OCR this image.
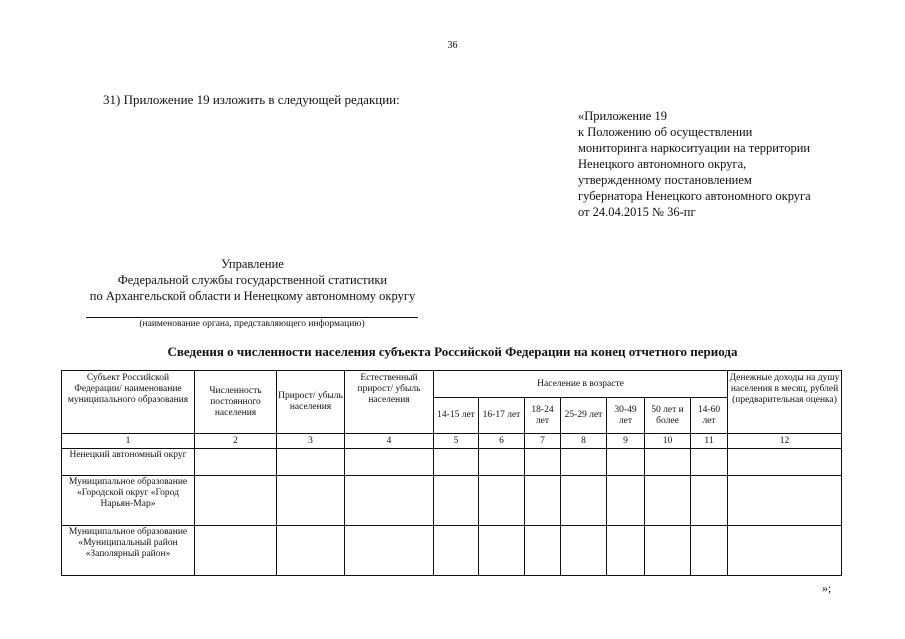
36
31) Приложение 19 изложить в следующей редакции:
«Приложение 19
к Положению об осуществлении
мониторинга наркоситуации на территории
Ненецкого автономного округа,
утвержденному постановлением
губернатора Ненецкого автономного округа
от 24.04.2015 № 36-пг
Управление
Федеральной службы государственной статистики
по Архангельской области и Ненецкому автономному округу
(наименование органа, представляющего информацию)
Сведения о численности населения субъекта Российской Федерации на конец отчетного периода
Субъект Российской Федерации/ наименование муниципального образования	Численность постоянного населения	Прирост/ убыль населения	Естественный прирост/ убыль населения	Население в возрасте							Денежные доходы на душу населения в месяц, рублей (предварительная оценка)
				14-15 лет	16-17 лет	18-24 лет	25-29 лет	30-49 лет	50 лет и более	14-60 лет	
1	2	3	4	5	6	7	8	9	10	11	12
Ненецкий автономный округ											
Муниципальное образование «Городской округ «Город Нарьян-Мар»											
Муниципальное образование «Муниципальный район «Заполярный район»											
»;
